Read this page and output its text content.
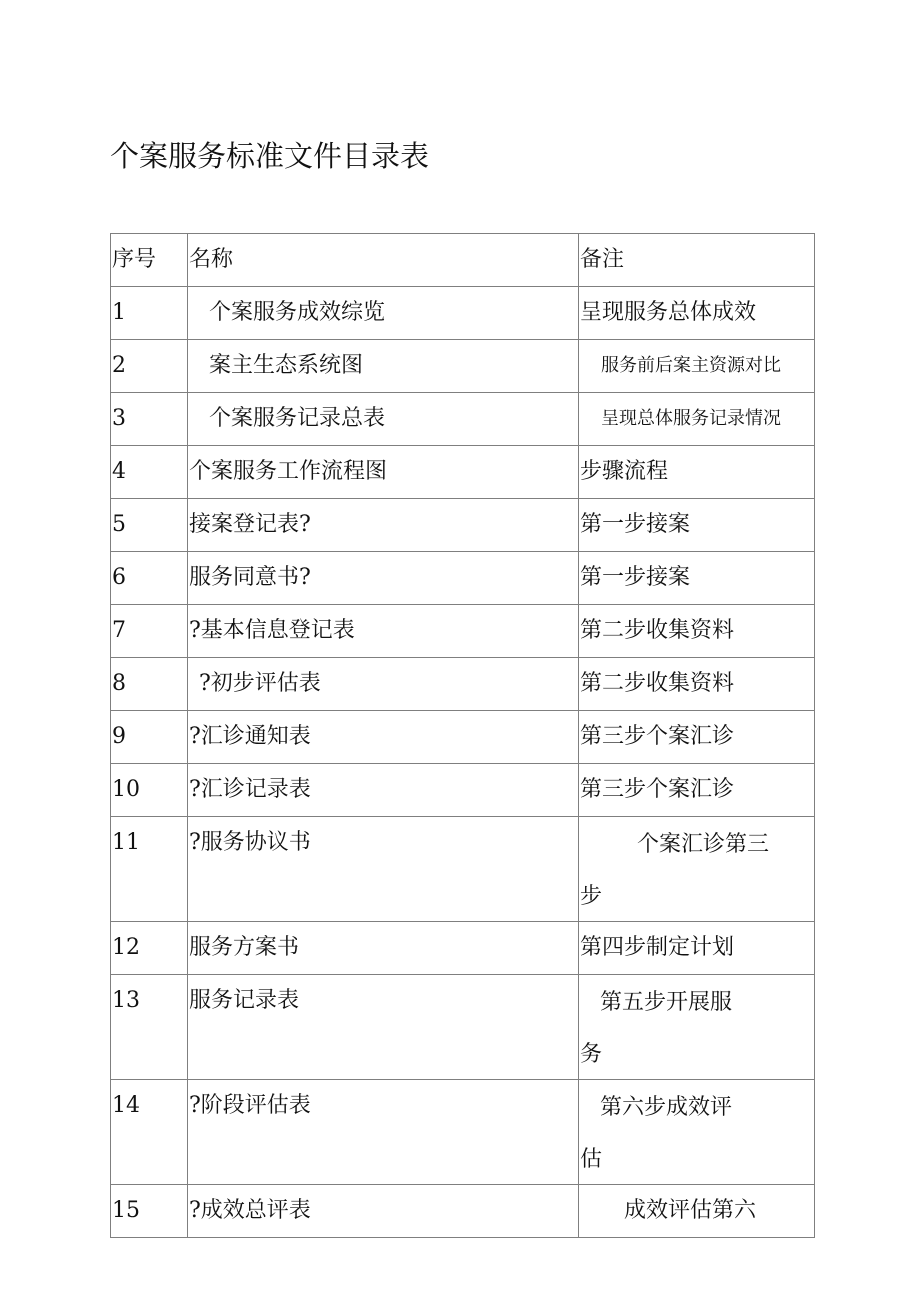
个案服务标准文件目录表
序号	名称	备注

1	个案服务成效综览	呈现服务总体成效

2	案主生态系统图	服务前后案主资源对比

3	个案服务记录总表	呈现总体服务记录情况

4	个案服务工作流程图	步骤流程

5	接案登记表?	第一步接案

6	服务同意书?	第一步接案

7	?基本信息登记表	第二步收集资料

8	?初步评估表	第二步收集资料

9	?汇诊通知表	第三步个案汇诊

10	?汇诊记录表	第三步个案汇诊

11	?服务协议书	个案汇诊第三
步

12	服务方案书	第四步制定计划

13	服务记录表	第五步开展服
务

14	?阶段评估表	第六步成效评
估

15	?成效总评表	成效评估第六
